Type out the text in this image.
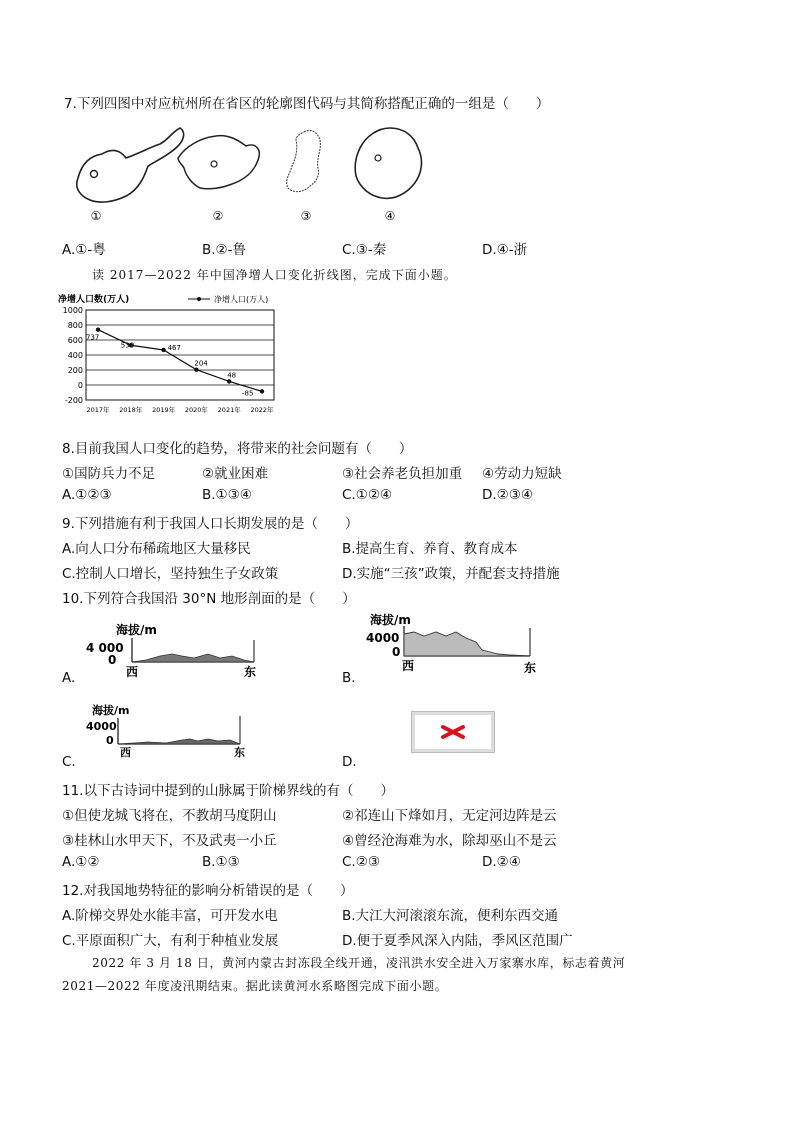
7.下列四图中对应杭州所在省区的轮廓图代码与其简称搭配正确的一组是（　　）
①	②	③	④
A.①-粤	B.②-鲁	C.③-秦	D.④-浙
读 2017—2022 年中国净增人口变化折线图，完成下面小题。
净增人口数(万人)	净增人口(万人)
1000
800
600
400
200
0
-200
2017年 2018年 2019年 2020年 2021年 2022年
737
530	467
204
48
-85
8.目前我国人口变化的趋势，将带来的社会问题有（　　）
①国防兵力不足	②就业困难	③社会养老负担加重 ④劳动力短缺
A.①②③	B.①③④	C.①②④	D.②③④
9.下列措施有利于我国人口长期发展的是（　　）
A.向人口分布稀疏地区大量移民	B.提高生育、养育、教育成本
C.控制人口增长，坚持独生子女政策	D.实施“三孩”政策，并配套支持措施
10.下列符合我国沿 30°N 地形剖面的是（　　）
海拔/m
4 000
0
西	东
A.
海拔/m
4000
0
西	东
B.
海拔/m
4000
0
西	东
C.	D.
11.以下古诗词中提到的山脉属于阶梯界线的有（　　）
①但使龙城飞将在，不教胡马度阴山	②祁连山下烽如月，无定河边阵是云
③桂林山水甲天下，不及武夷一小丘	④曾经沧海难为水，除却巫山不是云
A.①②	B.①③	C.②③	D.②④
12.对我国地势特征的影响分析错误的是（　　）
A.阶梯交界处水能丰富，可开发水电	B.大江大河滚滚东流，便利东西交通
C.平原面积广大，有利于种植业发展	D.便于夏季风深入内陆，季风区范围广
2022 年 3 月 18 日，黄河内蒙古封冻段全线开通，凌汛洪水安全进入万家寨水库，标志着黄河
2021—2022 年度凌汛期结束。据此读黄河水系略图完成下面小题。
